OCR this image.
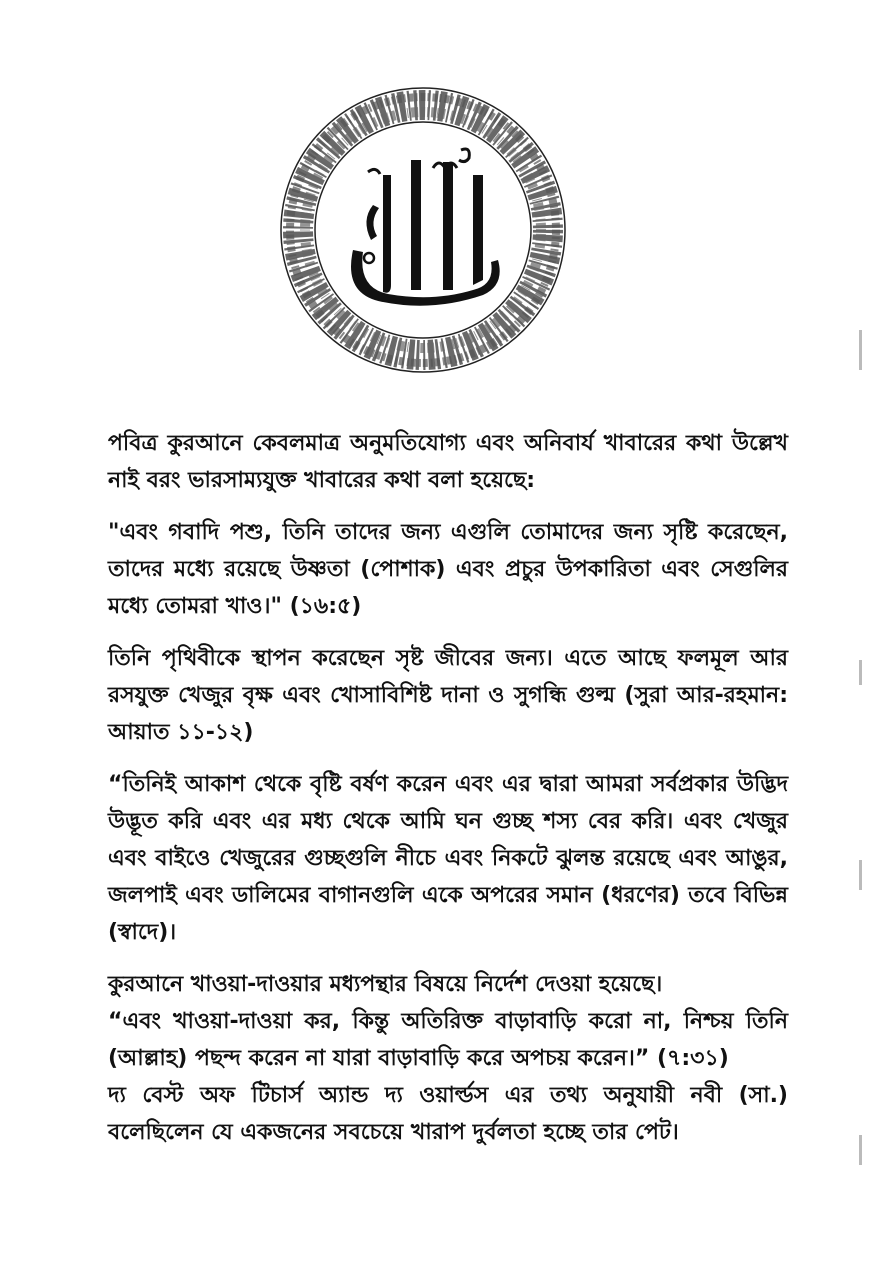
পবিত্র কুরআনে কেবলমাত্র অনুমতিযোগ্য এবং অনিবার্য খাবারের কথা উল্লেখ নাই বরং ভারসাম্যযুক্ত খাবারের কথা বলা হয়েছে:

"এবং গবাদি পশু, তিনি তাদের জন্য এগুলি তোমাদের জন্য সৃষ্টি করেছেন, তাদের মধ্যে রয়েছে উষ্ণতা (পোশাক) এবং প্রচুর উপকারিতা এবং সেগুলির মধ্যে তোমরা খাও।" (১৬:৫)

তিনি পৃথিবীকে স্থাপন করেছেন সৃষ্ট জীবের জন্য। এতে আছে ফলমূল আর রসযুক্ত খেজুর বৃক্ষ এবং খোসাবিশিষ্ট দানা ও সুগন্ধি গুল্ম (সুরা আর-রহমান: আয়াত ১১-১২)

“তিনিই আকাশ থেকে বৃষ্টি বর্ষণ করেন এবং এর দ্বারা আমরা সর্বপ্রকার উদ্ভিদ উদ্ভূত করি এবং এর মধ্য থেকে আমি ঘন গুচ্ছ শস্য বের করি। এবং খেজুর এবং বাইওে খেজুরের গুচ্ছগুলি নীচে এবং নিকটে ঝুলন্ত রয়েছে এবং আঙুর, জলপাই এবং ডালিমের বাগানগুলি একে অপরের সমান (ধরণের) তবে বিভিন্ন (স্বাদে)।

কুরআনে খাওয়া-দাওয়ার মধ্যপন্থার বিষয়ে নির্দেশ দেওয়া হয়েছে।

“এবং খাওয়া-দাওয়া কর, কিন্তু অতিরিক্ত বাড়াবাড়ি করো না, নিশ্চয় তিনি (আল্লাহ) পছন্দ করেন না যারা বাড়াবাড়ি করে অপচয় করেন।” (৭:৩১)

দ্য বেস্ট অফ টিচার্স অ্যান্ড দ্য ওয়ার্ল্ডস এর তথ্য অনুযায়ী নবী (সা.) বলেছিলেন যে একজনের সবচেয়ে খারাপ দুর্বলতা হচ্ছে তার পেট।
